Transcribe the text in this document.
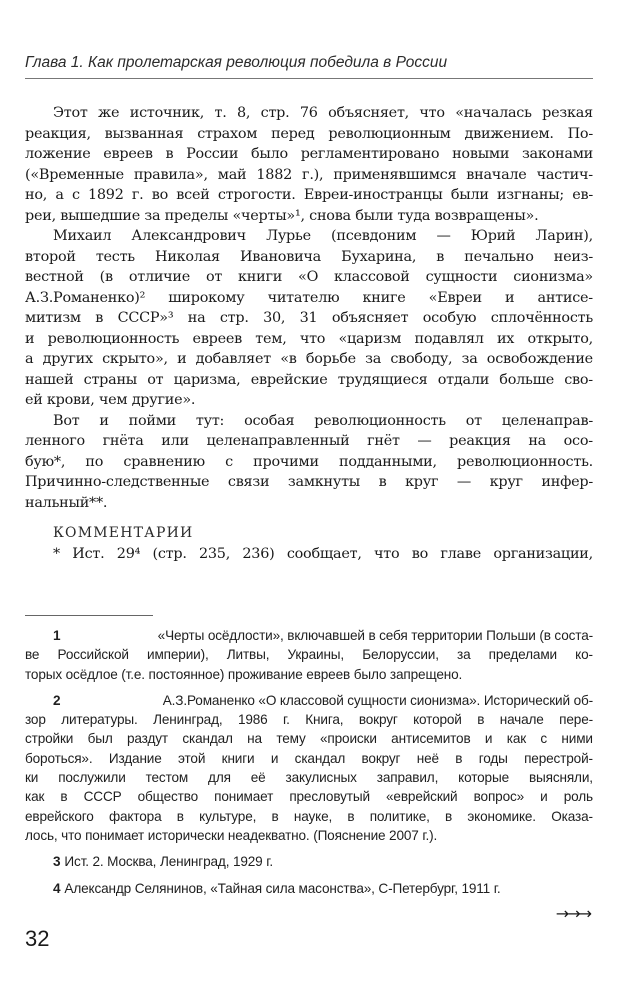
Глава 1. Как пролетарская революция победила в России
Этот же источник, т. 8, стр. 76 объясняет, что «началась резкая
реакция, вызванная страхом перед революционным движением. По-
ложение евреев в России было регламентировано новыми законами
(«Временные правила», май 1882 г.), применявшимся вначале частич-
но, а с 1892 г. во всей строгости. Евреи-иностранцы были изгнаны; ев-
реи, вышедшие за пределы «черты»¹, снова были туда возвращены».
Михаил Александрович Лурье (псевдоним — Юрий Ларин),
второй тесть Николая Ивановича Бухарина, в печально неиз-
вестной (в отличие от книги «О классовой сущности сионизма»
А.З.Романенко)² широкому читателю книге «Евреи и антисе-
митизм в СССР»³ на стр. 30, 31 объясняет особую сплочённость
и революционность евреев тем, что «царизм подавлял их открыто,
а других скрыто», и добавляет «в борьбе за свободу, за освобождение
нашей страны от царизма, еврейские трудящиеся отдали больше сво-
ей крови, чем другие».
Вот и пойми тут: особая революционность от целенаправ-
ленного гнёта или целенаправленный гнёт — реакция на осо-
бую*, по сравнению с прочими подданными, революционность.
Причинно-следственные связи замкнуты в круг — круг инфер-
нальный**.
КОММЕНТАРИИ
* Ист. 29⁴ (стр. 235, 236) сообщает, что во главе организации,
1	«Черты осёдлости», включавшей в себя территории Польши (в соста-
ве Российской империи), Литвы, Украины, Белоруссии, за пределами ко-
торых осёдлое (т.е. постоянное) проживание евреев было запрещено.
2	А.З.Романенко «О классовой сущности сионизма». Исторический об-
зор литературы. Ленинград, 1986 г. Книга, вокруг которой в начале пере-
стройки был раздут скандал на тему «происки антисемитов и как с ними
бороться». Издание этой книги и скандал вокруг неё в годы перестрой-
ки послужили тестом для её закулисных заправил, которые выясняли,
как в СССР общество понимает пресловутый «еврейский вопрос» и роль
еврейского фактора в культуре, в науке, в политике, в экономике. Оказа-
лось, что понимает исторически неадекватно. (Пояснение 2007 г.).
3 Ист. 2. Москва, Ленинград, 1929 г.
4 Александр Селянинов, «Тайная сила масонства», С-Петербург, 1911 г.
→→→
32
